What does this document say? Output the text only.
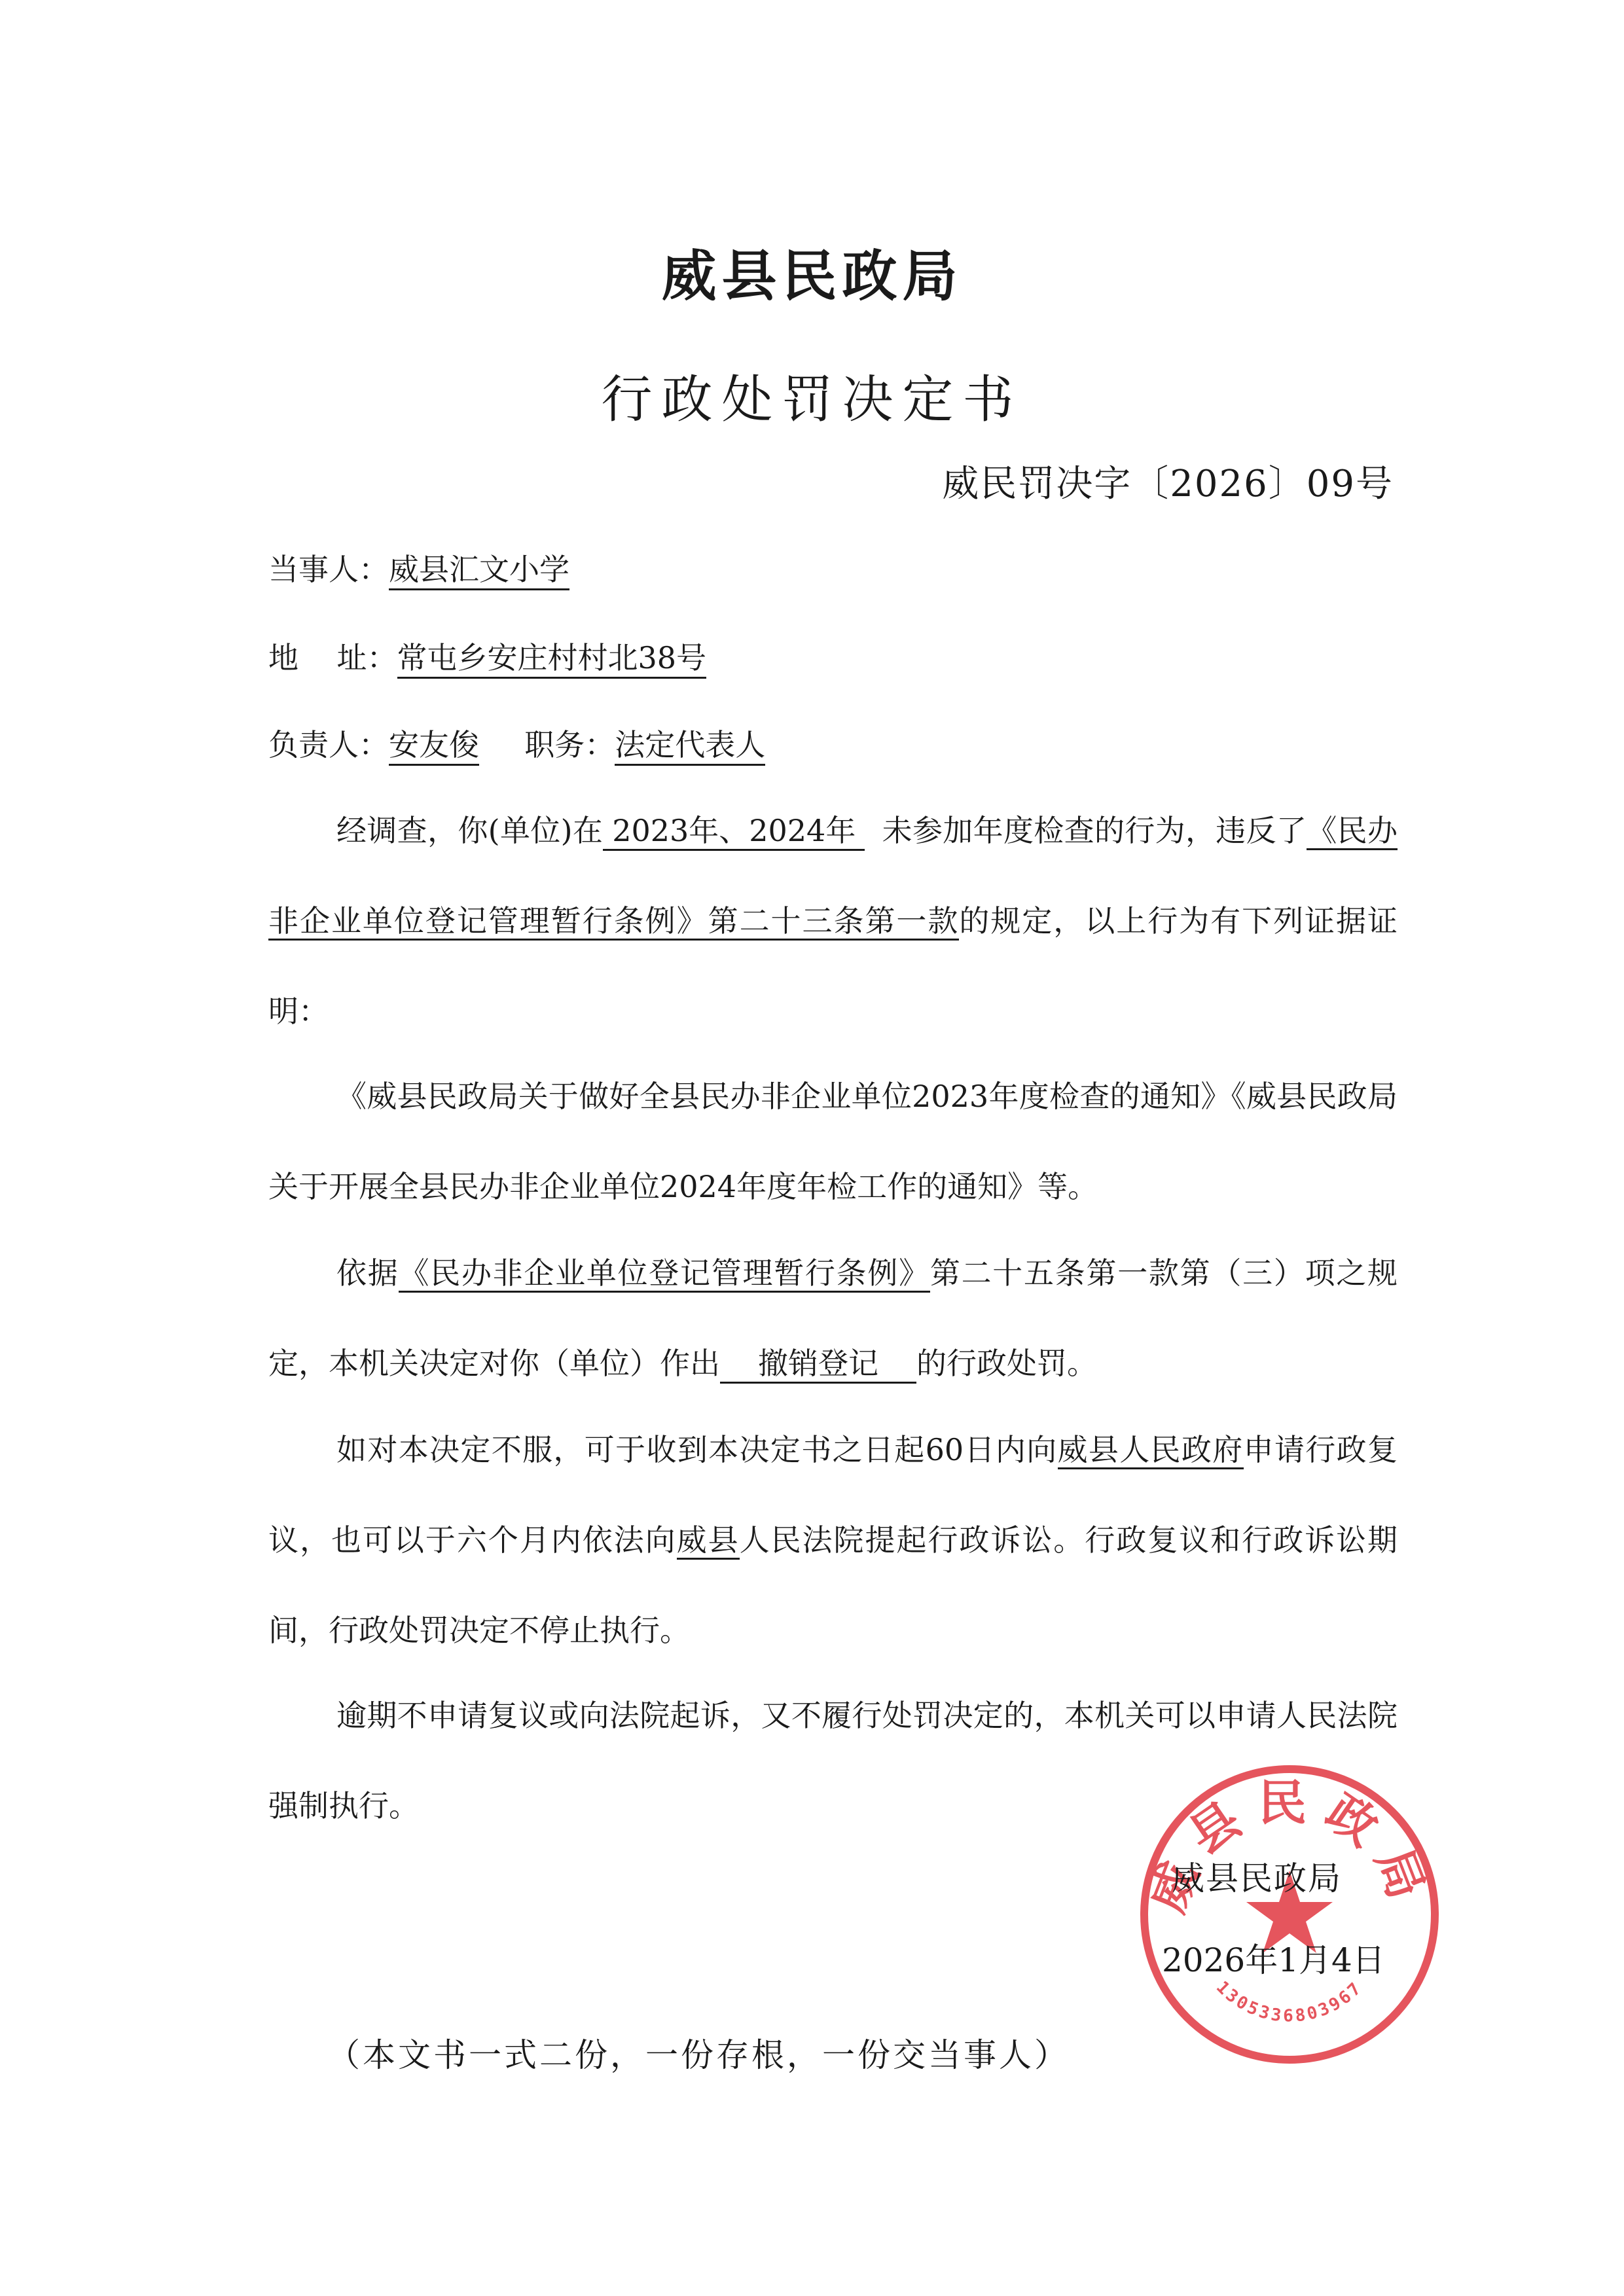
威县民政局
行政处罚决定书
威民罚决字〔2026〕09号
当事人：威县汇文小学
地    址：常屯乡安庄村村北38号
负责人：安友俊 职务：法定代表人

经调查，你(单位)在 2023年、2024年 未参加年度检查的行为，违反了《民办非企业单位登记管理暂行条例》第二十三条第一款的规定，以上行为有下列证据证明：

《威县民政局关于做好全县民办非企业单位2023年度检查的通知》《威县民政局关于开展全县民办非企业单位2024年度年检工作的通知》等。

依据《民办非企业单位登记管理暂行条例》第二十五条第一款第（三）项之规定，本机关决定对你（单位）作出 撤销登记 的行政处罚。

如对本决定不服，可于收到本决定书之日起60日内向威县人民政府申请行政复议，也可以于六个月内依法向威县人民法院提起行政诉讼。行政复议和行政诉讼期间，行政处罚决定不停止执行。

逾期不申请复议或向法院起诉，又不履行处罚决定的，本机关可以申请人民法院强制执行。

威县民政局
1305336803967
威县民政局
2026年1月4日
（本文书一式二份，一份存根，一份交当事人）
